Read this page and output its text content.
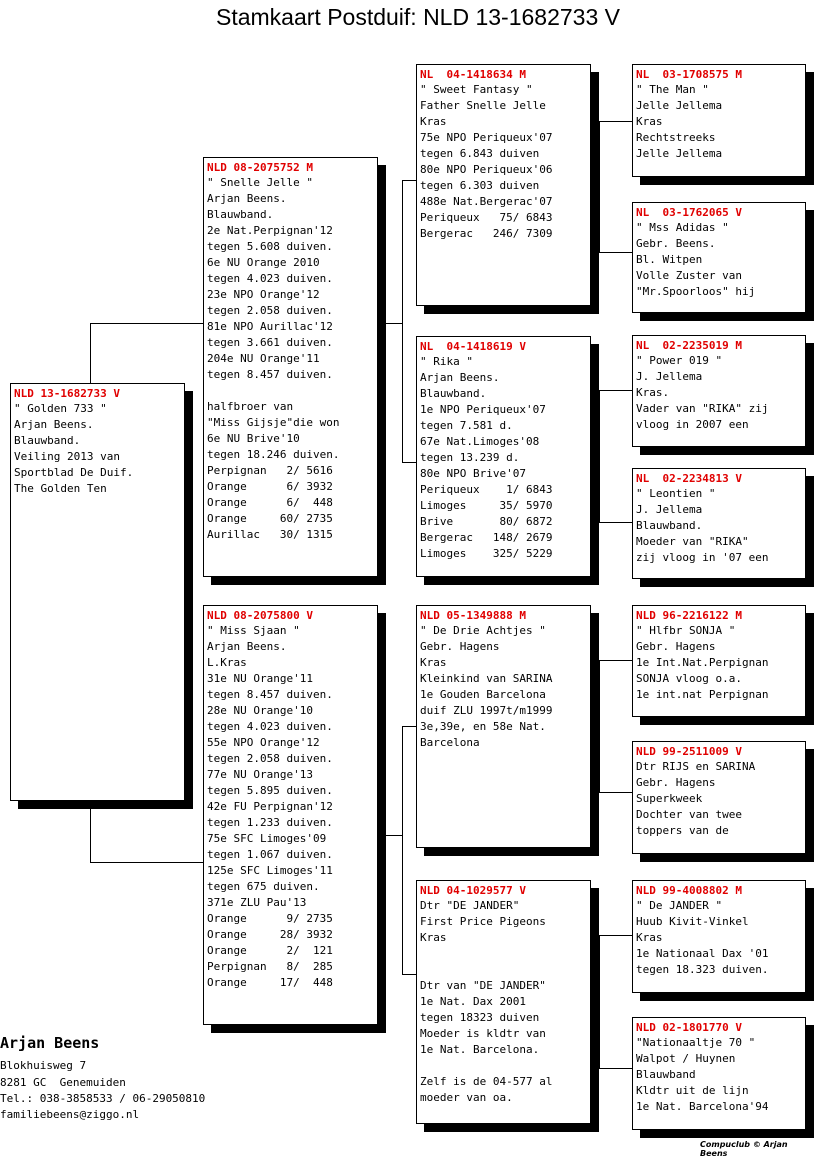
Stamkaart Postduif: NLD 13-1682733 V
NLD 13-1682733 V
" Golden 733 "
Arjan Beens.
Blauwband.
Veiling 2013 van
Sportblad De Duif.
The Golden Ten
NLD 08-2075752 M
" Snelle Jelle "
Arjan Beens.
Blauwband.
2e Nat.Perpignan'12
tegen 5.608 duiven.
6e NU Orange 2010
tegen 4.023 duiven.
23e NPO Orange'12
tegen 2.058 duiven.
81e NPO Aurillac'12
tegen 3.661 duiven.
204e NU Orange'11
tegen 8.457 duiven.
halfbroer van
"Miss Gijsje"die won
6e NU Brive'10
tegen 18.246 duiven.
Perpignan   2/ 5616
Orange      6/ 3932
Orange      6/  448
Orange     60/ 2735
Aurillac   30/ 1315
NLD 08-2075800 V
" Miss Sjaan "
Arjan Beens.
L.Kras
31e NU Orange'11
tegen 8.457 duiven.
28e NU Orange'10
tegen 4.023 duiven.
55e NPO Orange'12
tegen 2.058 duiven.
77e NU Orange'13
tegen 5.895 duiven.
42e FU Perpignan'12
tegen 1.233 duiven.
75e SFC Limoges'09
tegen 1.067 duiven.
125e SFC Limoges'11
tegen 675 duiven.
371e ZLU Pau'13
Orange      9/ 2735
Orange     28/ 3932
Orange      2/  121
Perpignan   8/  285
Orange     17/  448
NL  04-1418634 M
" Sweet Fantasy "
Father Snelle Jelle
Kras
75e NPO Periqueux'07
tegen 6.843 duiven
80e NPO Periqueux'06
tegen 6.303 duiven
488e Nat.Bergerac'07
Periqueux   75/ 6843
Bergerac   246/ 7309
NL  04-1418619 V
" Rika "
Arjan Beens.
Blauwband.
1e NPO Periqueux'07
tegen 7.581 d.
67e Nat.Limoges'08
tegen 13.239 d.
80e NPO Brive'07
Periqueux    1/ 6843
Limoges     35/ 5970
Brive       80/ 6872
Bergerac   148/ 2679
Limoges    325/ 5229
NLD 05-1349888 M
" De Drie Achtjes "
Gebr. Hagens
Kras
Kleinkind van SARINA
1e Gouden Barcelona
duif ZLU 1997t/m1999
3e,39e, en 58e Nat.
Barcelona
NLD 04-1029577 V
Dtr "DE JANDER"
First Price Pigeons
Kras
Dtr van "DE JANDER"
1e Nat. Dax 2001
tegen 18323 duiven
Moeder is kldtr van
1e Nat. Barcelona.
Zelf is de 04-577 al
moeder van oa.
NL  03-1708575 M
" The Man "
Jelle Jellema
Kras
Rechtstreeks
Jelle Jellema
NL  03-1762065 V
" Mss Adidas "
Gebr. Beens.
Bl. Witpen
Volle Zuster van
"Mr.Spoorloos" hij
NL  02-2235019 M
" Power 019 "
J. Jellema
Kras.
Vader van "RIKA" zij
vloog in 2007 een
NL  02-2234813 V
" Leontien "
J. Jellema
Blauwband.
Moeder van "RIKA"
zij vloog in '07 een
NLD 96-2216122 M
" Hlfbr SONJA "
Gebr. Hagens
1e Int.Nat.Perpignan
SONJA vloog o.a.
1e int.nat Perpignan
NLD 99-2511009 V
Dtr RIJS en SARINA
Gebr. Hagens
Superkweek
Dochter van twee
toppers van de
NLD 99-4008802 M
" De JANDER "
Huub Kivit-Vinkel
Kras
1e Nationaal Dax '01
tegen 18.323 duiven.
NLD 02-1801770 V
"Nationaaltje 70 "
Walpot / Huynen
Blauwband
Kldtr uit de lijn
1e Nat. Barcelona'94
Arjan Beens
Blokhuisweg 7
8281 GC  Genemuiden
Tel.: 038-3858533 / 06-29050810
familiebeens@ziggo.nl
Compuclub © Arjan Beens
